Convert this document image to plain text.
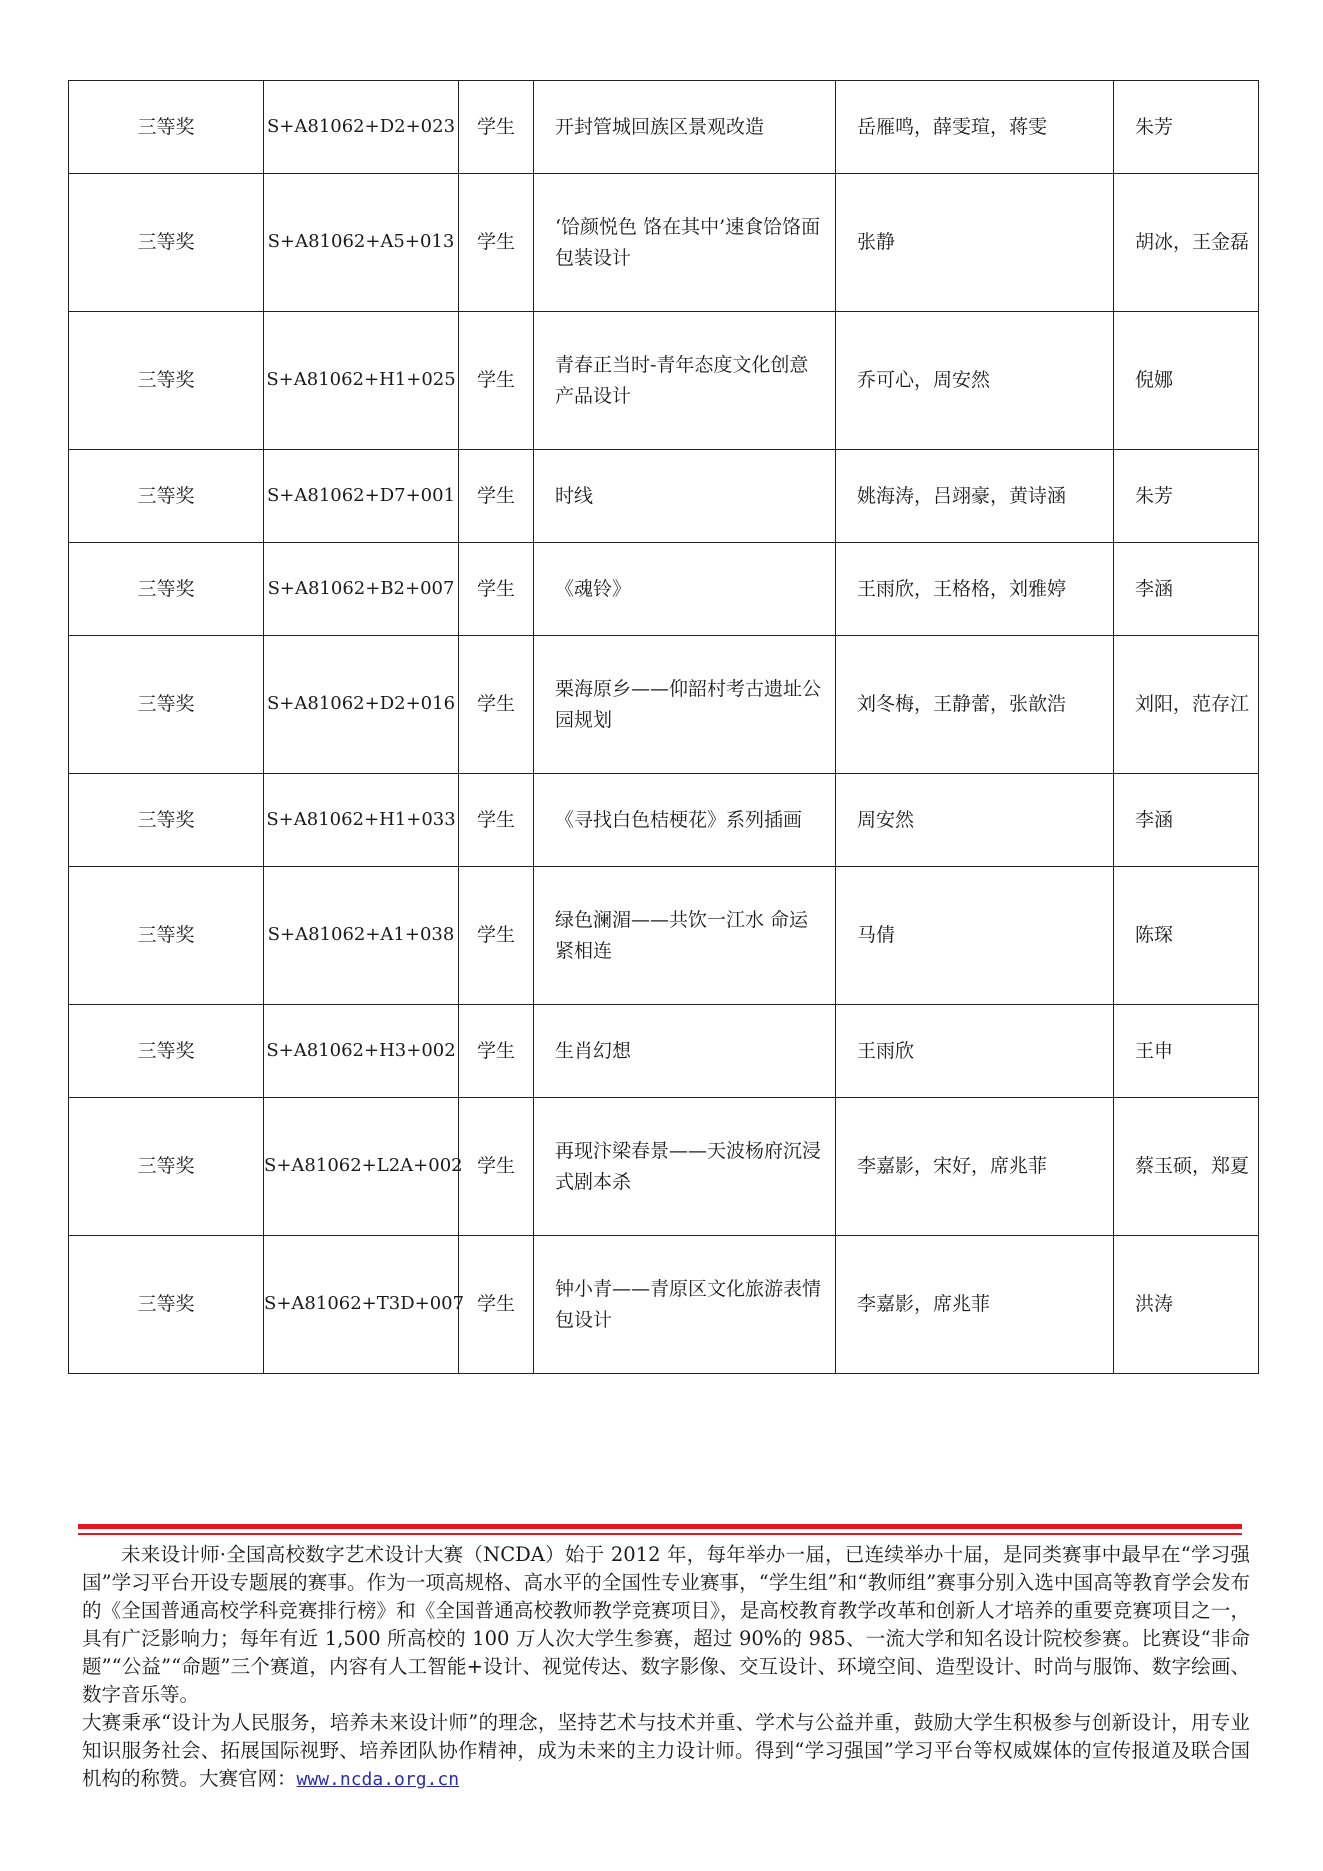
三等奖	S+A81062+D2+023	学生	开封管城回族区景观改造	岳雁鸣，薛雯瑄，蒋雯	朱芳
三等奖	S+A81062+A5+013	学生	‘饸颜悦色 饹在其中’速食饸饹面包装设计	张静	胡冰，王金磊
三等奖	S+A81062+H1+025	学生	青春正当时-青年态度文化创意产品设计	乔可心，周安然	倪娜
三等奖	S+A81062+D7+001	学生	时线	姚海涛，吕翊豪，黄诗涵	朱芳
三等奖	S+A81062+B2+007	学生	《魂铃》	王雨欣，王格格，刘雅婷	李涵
三等奖	S+A81062+D2+016	学生	栗海原乡——仰韶村考古遗址公园规划	刘冬梅，王静蕾，张歆浩	刘阳，范存江
三等奖	S+A81062+H1+033	学生	《寻找白色桔梗花》系列插画	周安然	李涵
三等奖	S+A81062+A1+038	学生	绿色澜湄——共饮一江水 命运紧相连	马倩	陈琛
三等奖	S+A81062+H3+002	学生	生肖幻想	王雨欣	王申
三等奖	S+A81062+L2A+002	学生	再现汴梁春景——天波杨府沉浸式剧本杀	李嘉影，宋好，席兆菲	蔡玉硕，郑夏
三等奖	S+A81062+T3D+007	学生	钟小青——青原区文化旅游表情包设计	李嘉影，席兆菲	洪涛

未来设计师·全国高校数字艺术设计大赛（NCDA）始于 2012 年，每年举办一届，已连续举办十届，是同类赛事中最早在“学习强国”学习平台开设专题展的赛事。作为一项高规格、高水平的全国性专业赛事，“学生组”和“教师组”赛事分别入选中国高等教育学会发布的《全国普通高校学科竞赛排行榜》和《全国普通高校教师教学竞赛项目》，是高校教育教学改革和创新人才培养的重要竞赛项目之一，具有广泛影响力；每年有近 1,500 所高校的 100 万人次大学生参赛，超过 90%的 985、一流大学和知名设计院校参赛。比赛设“非命题”“公益”“命题”三个赛道，内容有人工智能+设计、视觉传达、数字影像、交互设计、环境空间、造型设计、时尚与服饰、数字绘画、数字音乐等。

大赛秉承“设计为人民服务，培养未来设计师”的理念，坚持艺术与技术并重、学术与公益并重，鼓励大学生积极参与创新设计，用专业知识服务社会、拓展国际视野、培养团队协作精神，成为未来的主力设计师。得到“学习强国”学习平台等权威媒体的宣传报道及联合国机构的称赞。大赛官网：www.ncda.org.cn
